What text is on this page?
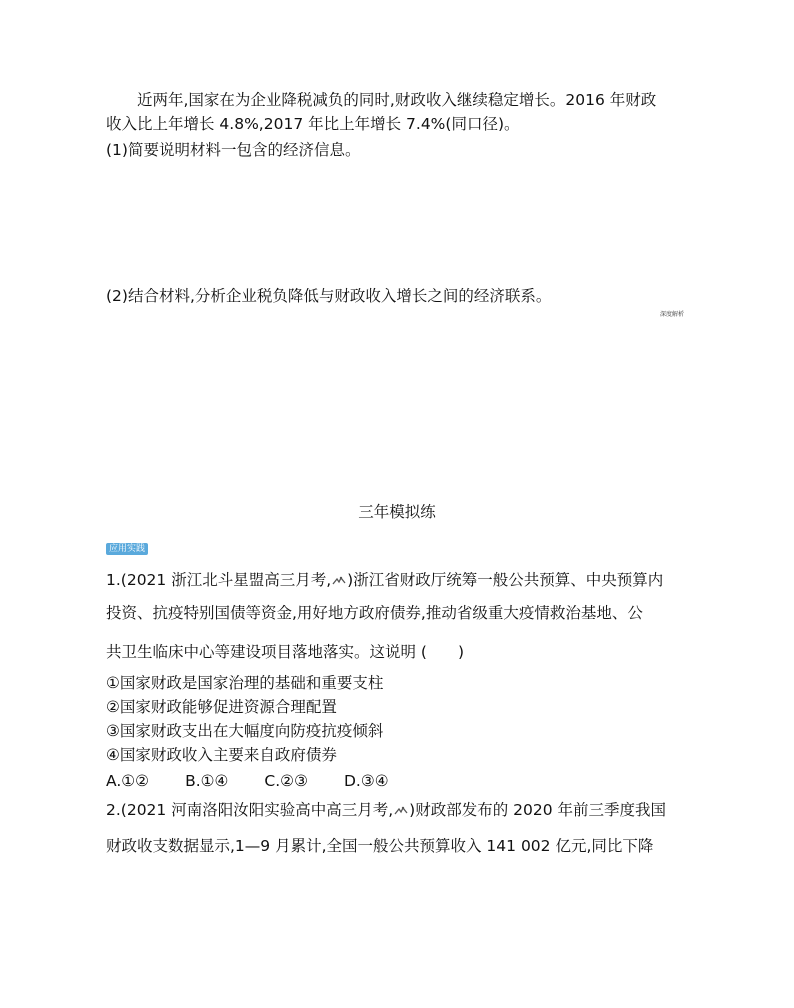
近两年,国家在为企业降税减负的同时,财政收入继续稳定增长。2016 年财政
收入比上年增长 4.8%,2017 年比上年增长 7.4%(同口径)。
(1)简要说明材料一包含的经济信息。
(2)结合材料,分析企业税负降低与财政收入增长之间的经济联系。
深度解析
三年模拟练
应用实践
1.(2021 浙江北斗星盟高三月考, )浙江省财政厅统筹一般公共预算、中央预算内
投资、抗疫特别国债等资金,用好地方政府债券,推动省级重大疫情救治基地、公
共卫生临床中心等建设项目落地落实。这说明 (　　)
①国家财政是国家治理的基础和重要支柱
②国家财政能够促进资源合理配置
③国家财政支出在大幅度向防疫抗疫倾斜
④国家财政收入主要来自政府债券
A.①② B.①④ C.②③ D.③④
2.(2021 河南洛阳汝阳实验高中高三月考, )财政部发布的 2020 年前三季度我国
财政收支数据显示,1—9 月累计,全国一般公共预算收入 141 002 亿元,同比下降
